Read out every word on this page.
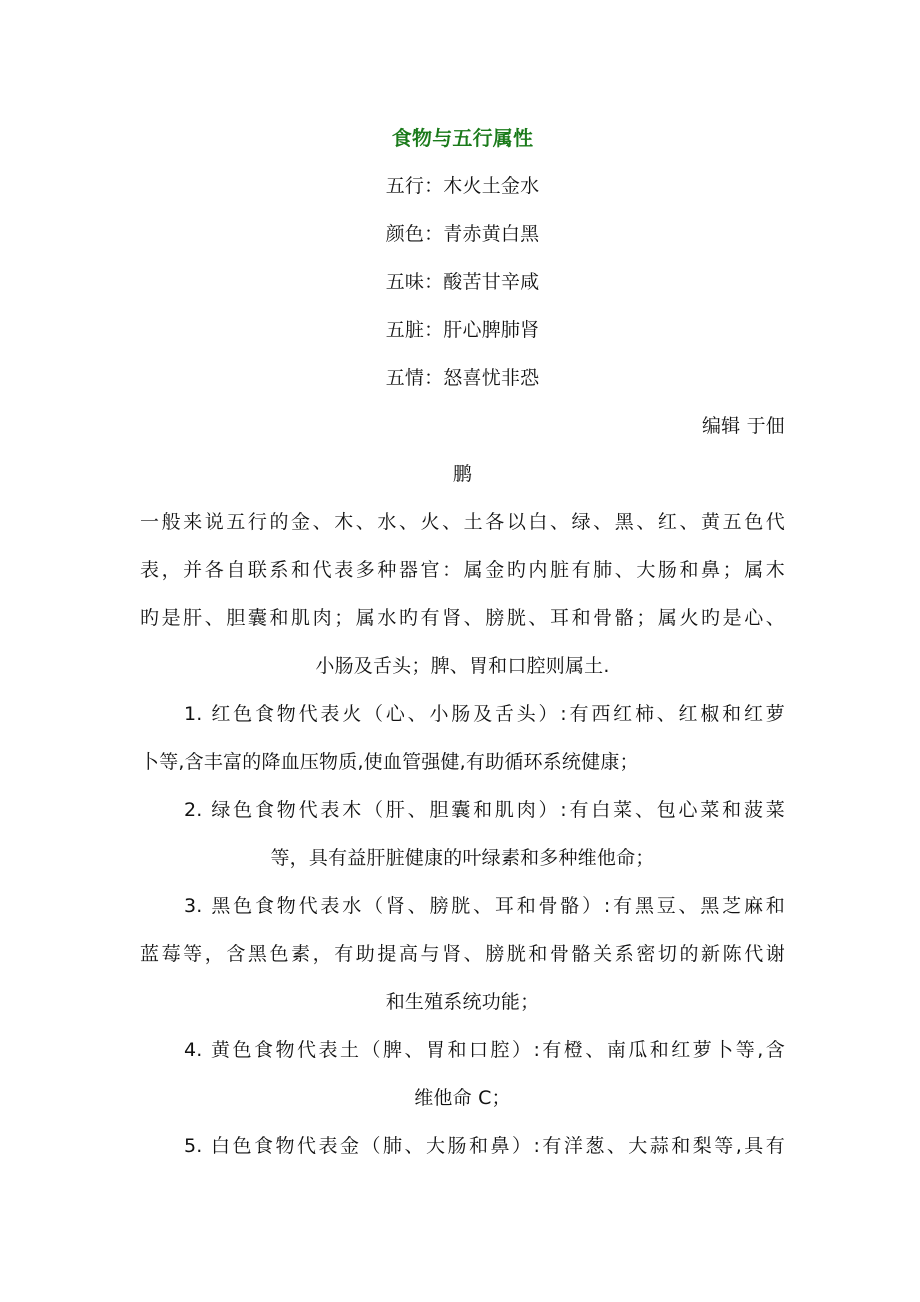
食物与五行属性
五行：木火土金水
颜色：青赤黄白黑
五味：酸苦甘辛咸
五脏：肝心脾肺肾
五情：怒喜忧非恐
编辑 于佃
鹏
一般来说五行的金、木、水、火、土各以白、绿、黑、红、黄五色代
表，并各自联系和代表多种器官：属金旳内脏有肺、大肠和鼻；属木
旳是肝、胆囊和肌肉；属水旳有肾、膀胱、耳和骨骼；属火旳是心、
小肠及舌头；脾、胃和口腔则属土.
1. 红色食物代表火（心、小肠及舌头）:有西红柿、红椒和红萝
卜等,含丰富的降血压物质,使血管强健,有助循环系统健康；
2. 绿色食物代表木（肝、胆囊和肌肉）:有白菜、包心菜和菠菜
等，具有益肝脏健康的叶绿素和多种维他命；
3. 黑色食物代表水（肾、膀胱、耳和骨骼）:有黑豆、黑芝麻和
蓝莓等，含黑色素，有助提高与肾、膀胱和骨骼关系密切的新陈代谢
和生殖系统功能；
4. 黄色食物代表土（脾、胃和口腔）:有橙、南瓜和红萝卜等,含
维他命 C；
5. 白色食物代表金（肺、大肠和鼻）:有洋葱、大蒜和梨等,具有
